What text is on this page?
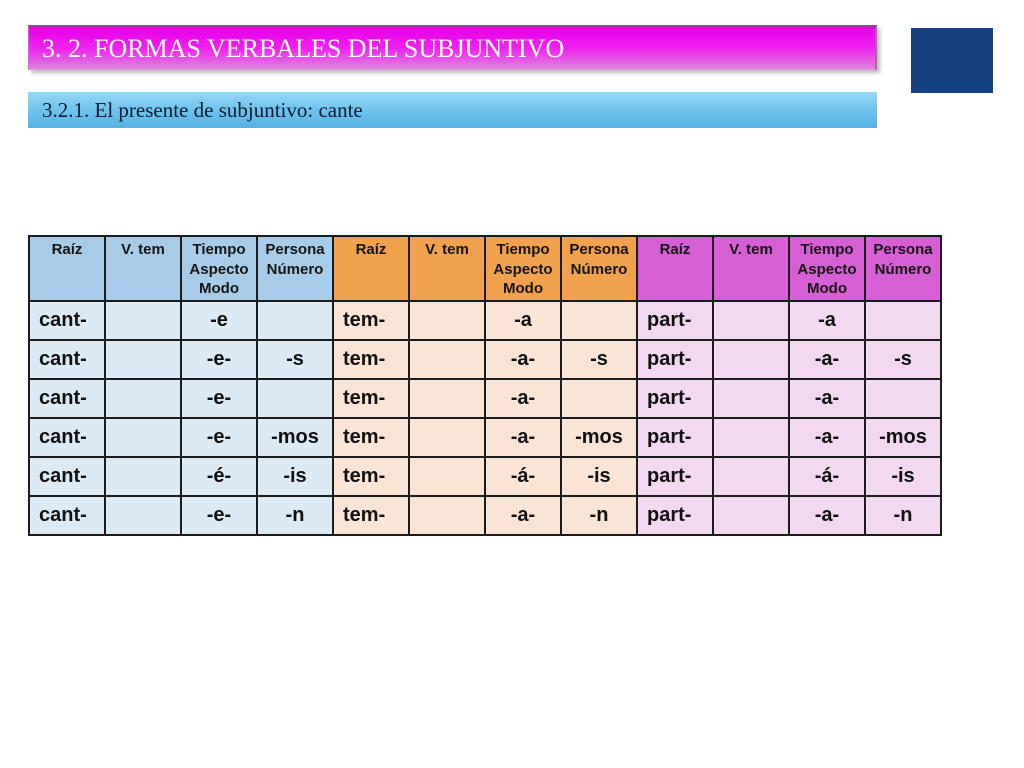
3. 2. FORMAS VERBALES DEL SUBJUNTIVO
3.2.1. El presente de subjuntivo: cante
Raíz	V. tem	Tiempo Aspecto Modo	Persona Número	Raíz	V. tem	Tiempo Aspecto Modo	Persona Número	Raíz	V. tem	Tiempo Aspecto Modo	Persona Número
cant-		-e		tem-		-a		part-		-a	
cant-		-e-	-s	tem-		-a-	-s	part-		-a-	-s
cant-		-e-		tem-		-a-		part-		-a-	
cant-		-e-	-mos	tem-		-a-	-mos	part-		-a-	-mos
cant-		-é-	-is	tem-		-á-	-is	part-		-á-	-is
cant-		-e-	-n	tem-		-a-	-n	part-		-a-	-n
